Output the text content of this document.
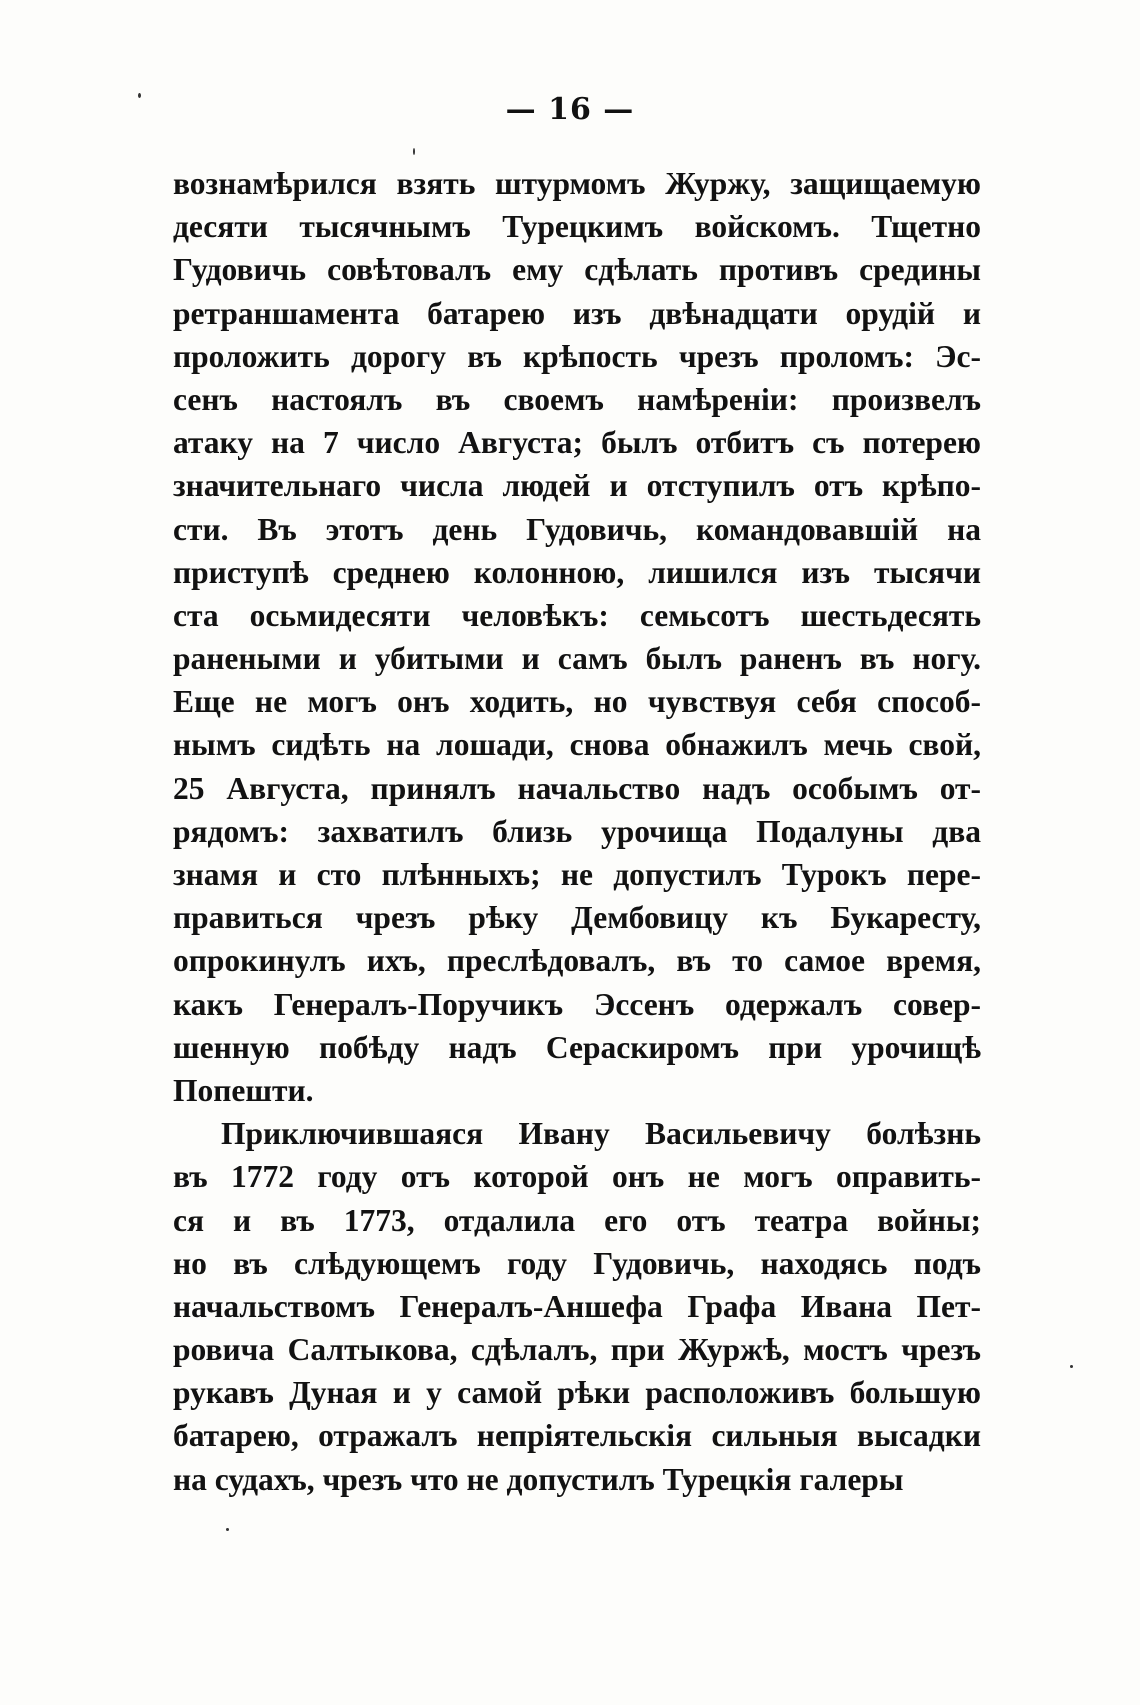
— 16 —
вознамѣрился взять штурмомъ Журжу, защищаемую
десяти тысячнымъ Турецкимъ войскомъ. Тщетно
Гудовичь совѣтовалъ ему сдѣлать противъ средины
ретраншамента батарею изъ двѣнадцати орудій и
проложить дорогу въ крѣпость чрезъ проломъ: Эс-
сенъ настоялъ въ своемъ намѣреніи: произвелъ
атаку на 7 число Августа; былъ отбитъ съ потерею
значительнаго числа людей и отступилъ отъ крѣпо-
сти. Въ этотъ день Гудовичь, командовавшій на
приступѣ среднею колонною, лишился изъ тысячи
ста осьмидесяти человѣкъ: семьсотъ шестьдесять
ранеными и убитыми и самъ былъ раненъ въ ногу.
Еще не могъ онъ ходить, но чувствуя себя способ-
нымъ сидѣть на лошади, снова обнажилъ мечь свой,
25 Августа, принялъ начальство надъ особымъ от-
рядомъ: захватилъ близь урочища Подалуны два
знамя и сто плѣнныхъ; не допустилъ Турокъ пере-
правиться чрезъ рѣку Дембовицу къ Букаресту,
опрокинулъ ихъ, преслѣдовалъ, въ то самое время,
какъ Генералъ-Поручикъ Эссенъ одержалъ совер-
шенную побѣду надъ Сераскиромъ при урочищѣ
Попешти.
Приключившаяся Ивану Васильевичу болѣзнь
въ 1772 году отъ которой онъ не могъ оправить-
ся и въ 1773, отдалила его отъ театра войны;
но въ слѣдующемъ году Гудовичь, находясь подъ
начальствомъ Генералъ-Аншефа Графа Ивана Пет-
ровича Салтыкова, сдѣлалъ, при Журжѣ, мостъ чрезъ
рукавъ Дуная и у самой рѣки расположивъ большую
батарею, отражалъ непріятельскія сильныя высадки
на судахъ, чрезъ что не допустилъ Турецкія галеры
